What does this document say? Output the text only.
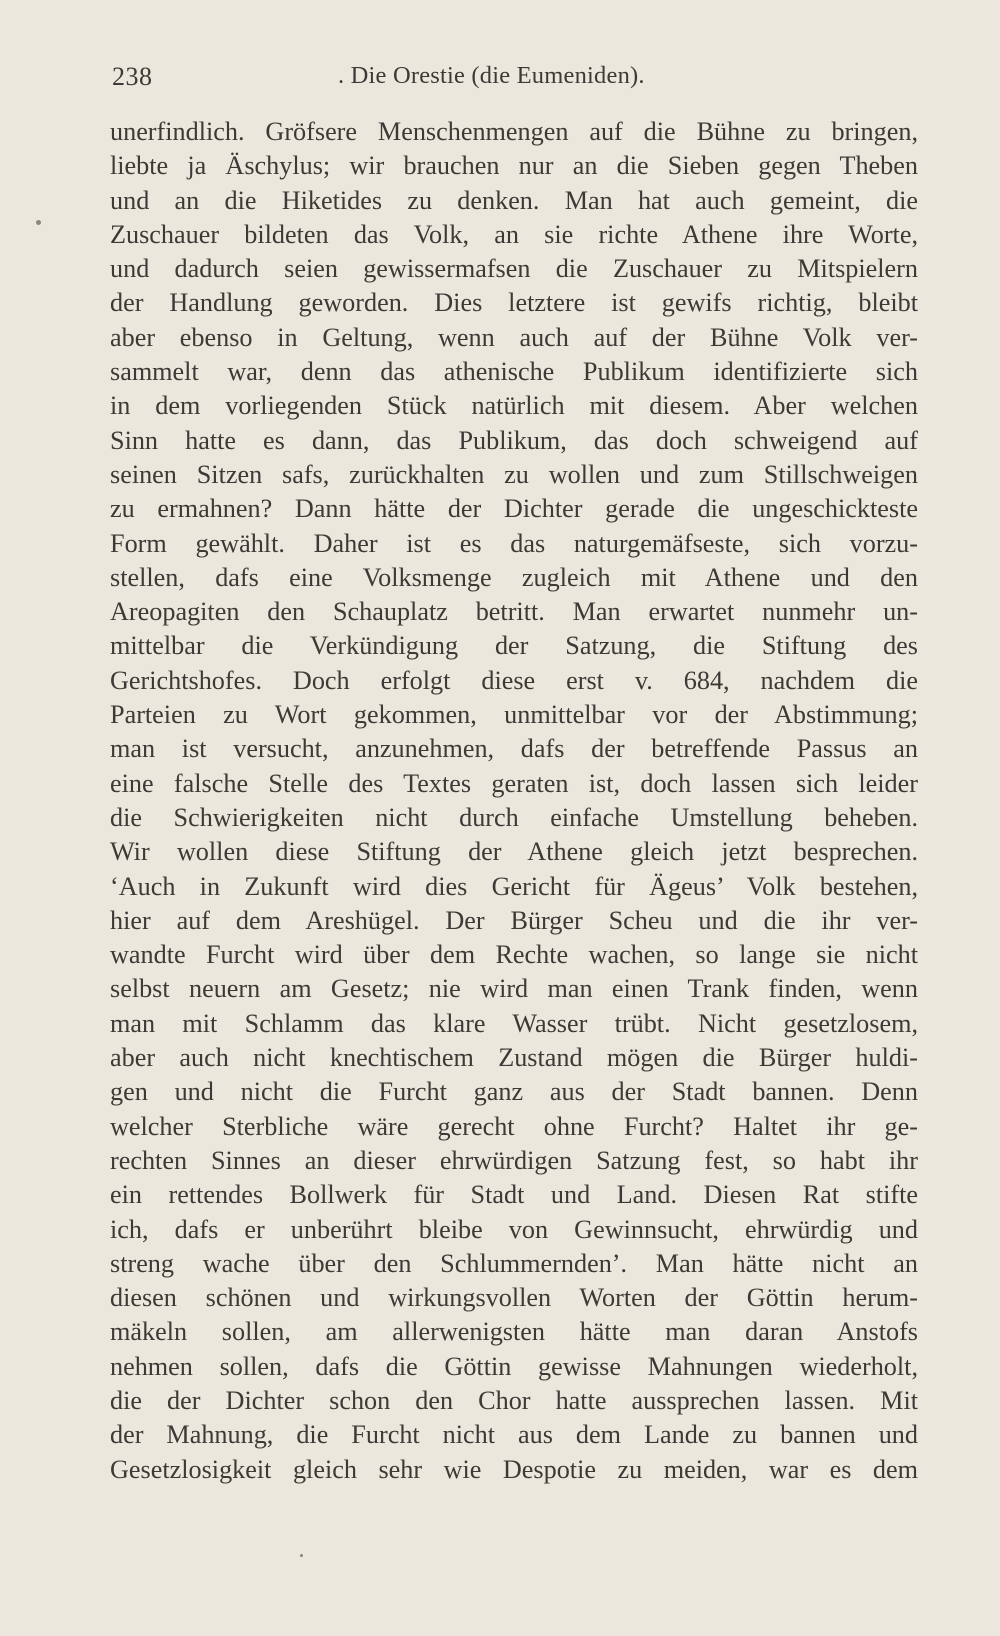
238	. Die Orestie (die Eumeniden).
unerfindlich. Gröfsere Menschenmengen auf die Bühne zu bringen,
liebte ja Äschylus; wir brauchen nur an die Sieben gegen Theben
und an die Hiketides zu denken. Man hat auch gemeint, die
Zuschauer bildeten das Volk, an sie richte Athene ihre Worte,
und dadurch seien gewissermafsen die Zuschauer zu Mitspielern
der Handlung geworden. Dies letztere ist gewifs richtig, bleibt
aber ebenso in Geltung, wenn auch auf der Bühne Volk ver-
sammelt war, denn das athenische Publikum identifizierte sich
in dem vorliegenden Stück natürlich mit diesem. Aber welchen
Sinn hatte es dann, das Publikum, das doch schweigend auf
seinen Sitzen safs, zurückhalten zu wollen und zum Stillschweigen
zu ermahnen? Dann hätte der Dichter gerade die ungeschickteste
Form gewählt. Daher ist es das naturgemäfseste, sich vorzu-
stellen, dafs eine Volksmenge zugleich mit Athene und den
Areopagiten den Schauplatz betritt. Man erwartet nunmehr un-
mittelbar die Verkündigung der Satzung, die Stiftung des
Gerichtshofes. Doch erfolgt diese erst v. 684, nachdem die
Parteien zu Wort gekommen, unmittelbar vor der Abstimmung;
man ist versucht, anzunehmen, dafs der betreffende Passus an
eine falsche Stelle des Textes geraten ist, doch lassen sich leider
die Schwierigkeiten nicht durch einfache Umstellung beheben.
Wir wollen diese Stiftung der Athene gleich jetzt besprechen.
‘Auch in Zukunft wird dies Gericht für Ägeus’ Volk bestehen,
hier auf dem Areshügel. Der Bürger Scheu und die ihr ver-
wandte Furcht wird über dem Rechte wachen, so lange sie nicht
selbst neuern am Gesetz; nie wird man einen Trank finden, wenn
man mit Schlamm das klare Wasser trübt. Nicht gesetzlosem,
aber auch nicht knechtischem Zustand mögen die Bürger huldi-
gen und nicht die Furcht ganz aus der Stadt bannen. Denn
welcher Sterbliche wäre gerecht ohne Furcht? Haltet ihr ge-
rechten Sinnes an dieser ehrwürdigen Satzung fest, so habt ihr
ein rettendes Bollwerk für Stadt und Land. Diesen Rat stifte
ich, dafs er unberührt bleibe von Gewinnsucht, ehrwürdig und
streng wache über den Schlummernden’. Man hätte nicht an
diesen schönen und wirkungsvollen Worten der Göttin herum-
mäkeln sollen, am allerwenigsten hätte man daran Anstofs
nehmen sollen, dafs die Göttin gewisse Mahnungen wiederholt,
die der Dichter schon den Chor hatte aussprechen lassen. Mit
der Mahnung, die Furcht nicht aus dem Lande zu bannen und
Gesetzlosigkeit gleich sehr wie Despotie zu meiden, war es dem
